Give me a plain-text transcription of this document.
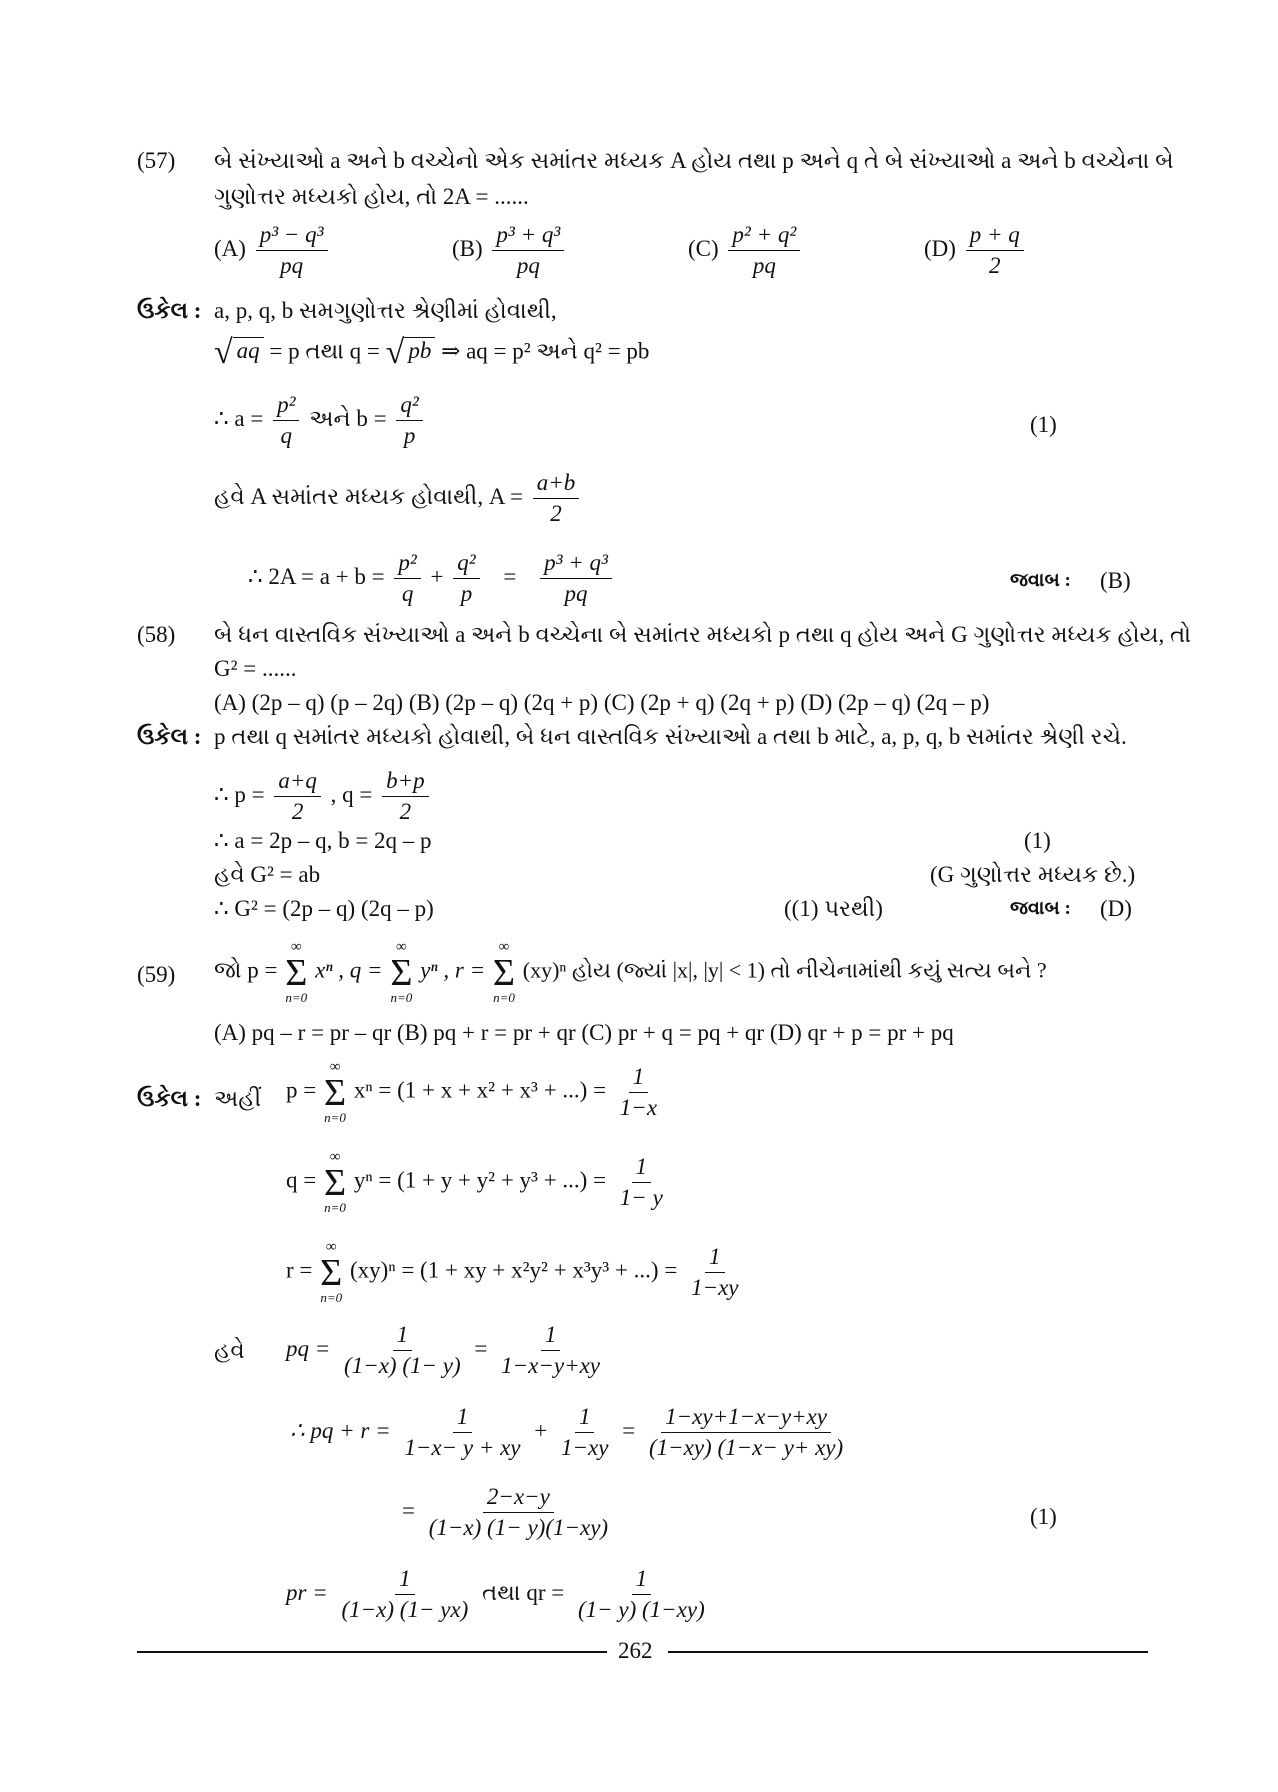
(57) બે સંખ્યાઓ a અને b વચ્ચેનો એક સમાંતર મધ્યક A હોય તથા p અને q તે બે સંખ્યાઓ a અને b વચ્ચેના બે
ગુણોત્તર મધ્યકો હોય, તો 2A = ......
$(A) \frac{\text{p³ − q³}}{pq}$	$(B) \frac{\text{p³ + q³}}{pq}$	$(C) \frac{\text{p² + q²}}{pq}$	$(D) \frac{p + q}{2}$
ઉકેલ : a, p, q, b સમગુણોત્તર શ્રેણીમાં હોવાથી,
√ aq = p તથા q = √ pb ⇒ aq = p² અને q² = pb
∴ $a = \frac{\text{p²}}{q}$ અને $b = \frac{\text{q²}}{p}$	(1)
હવે A સમાંતર મધ્યક હોવાથી, $A = \frac{a+b}{2}$
∴ $2A = a + b = \frac{\text{p²}}{q} + \frac{\text{q²}}{p} = \frac{\text{p³ + q³}}{pq}$	જવાબ : (B)
(58) બે ધન વાસ્તવિક સંખ્યાઓ a અને b વચ્ચેના બે સમાંતર મધ્યકો p તથા q હોય અને G ગુણોત્તર મધ્યક હોય, તો
G² = ......
(A) (2p – q) (p – 2q) (B) (2p – q) (2q + p) (C) (2p + q) (2q + p) (D) (2p – q) (2q – p)
ઉકેલ : p તથા q સમાંતર મધ્યકો હોવાથી, બે ધન વાસ્તવિક સંખ્યાઓ a તથા b માટે, a, p, q, b સમાંતર શ્રેણી રચે.
∴ $p = \frac{a+q}{2}$ , $q = \frac{b+p}{2}$
∴ a = 2p – q, b = 2q – p	(1)
હવે G² = ab	(G ગુણોત્તર મધ્યક છે.)
∴ G² = (2p – q) (2q – p)	((1) પરથી)	જવાબ : (D)
(59) જો p =
∞
Σ
n=0
xⁿ , q =
∞
Σ
n=0
yⁿ , r =
∞
Σ
n=0
(xy)ⁿ હોય (જ્યાં |x|, |y| < 1) તો નીચેનામાંથી કયું સત્ય બને ?
(A) pq – r = pr – qr (B) pq + r = pr + qr (C) pr + q = pq + qr (D) qr + p = pr + pq
ઉકેલ : અહીં p =
∞
Σ
n=0
xⁿ = (1 + x + x² + x³ + ...) = $\frac{1}{1-x}$
q =
∞
Σ
n=0
yⁿ = (1 + y + y² + y³ + ...) = $\frac{1}{1- y}$
r =
∞
Σ
n=0
(xy)ⁿ = (1 + xy + x²y² + x³y³ + ...) = $\frac{1}{1-xy}$
હવે pq = $\frac{1}{(1-x) (1- y)} = \frac{1}{1-x-y+xy}$
∴ pq + $r = \frac{1}{1-x- y + xy} + \frac{1}{1-xy} = \frac{1-xy+1-x-y+xy}{(1-xy) (1-x- y+ xy)}$
= $\frac{2-x-y}{(1-x) (1- y)(1-xy)}$	(1)
pr = $\frac{1}{(1-x) (1- yx)}$ તથા qr = $\frac{1}{(1- y) (1-xy)}$
262
